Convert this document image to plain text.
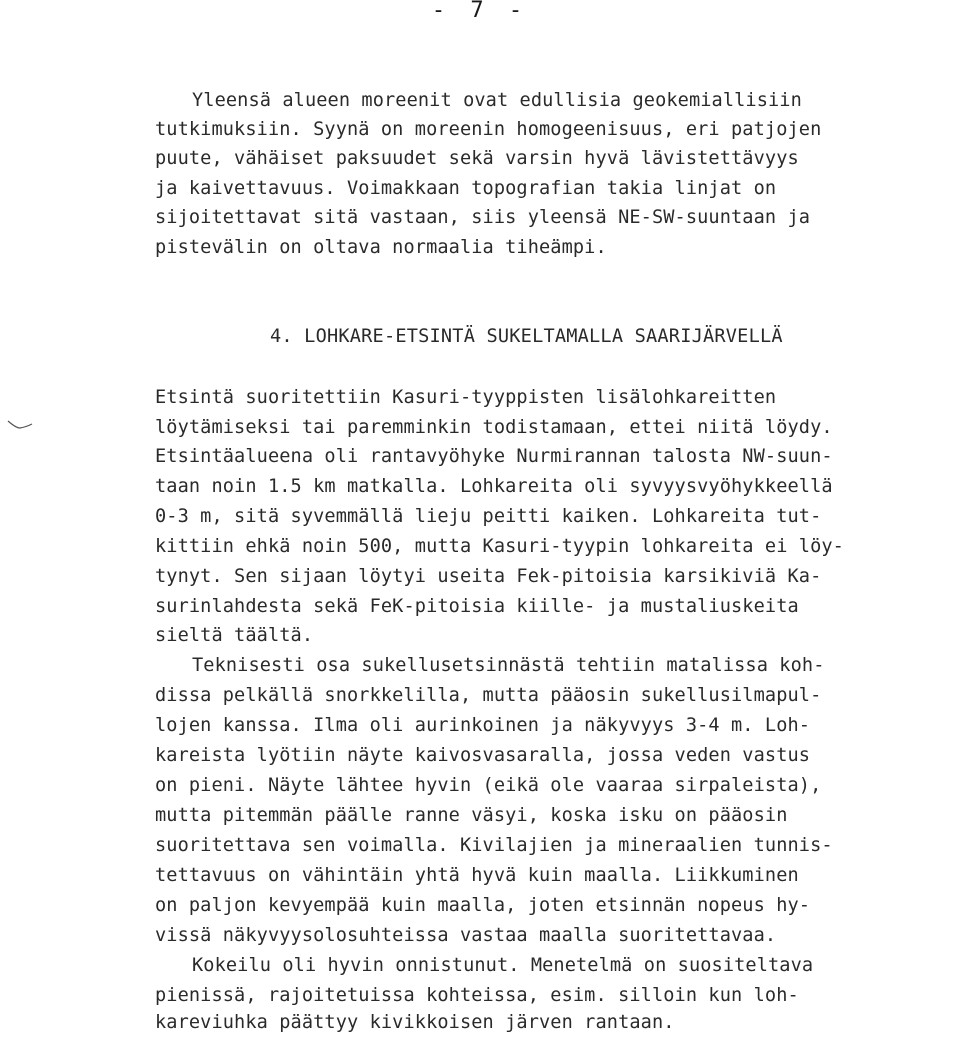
- 7 -
Yleensä alueen moreenit ovat edullisia geokemiallisiin
tutkimuksiin. Syynä on moreenin homogeenisuus, eri patjojen
puute, vähäiset paksuudet sekä varsin hyvä lävistettävyys
ja kaivettavuus. Voimakkaan topografian takia linjat on
sijoitettavat sitä vastaan, siis yleensä NE-SW-suuntaan ja
pistevälin on oltava normaalia tiheämpi.
4. LOHKARE-ETSINTÄ SUKELTAMALLA SAARIJÄRVELLÄ
Etsintä suoritettiin Kasuri-tyyppisten lisälohkareitten
löytämiseksi tai paremminkin todistamaan, ettei niitä löydy.
Etsintäalueena oli rantavyöhyke Nurmirannan talosta NW-suun-
taan noin 1.5 km matkalla. Lohkareita oli syvyysvyöhykkeellä
0-3 m, sitä syvemmällä lieju peitti kaiken. Lohkareita tut-
kittiin ehkä noin 500, mutta Kasuri-tyypin lohkareita ei löy-
tynyt. Sen sijaan löytyi useita Fek-pitoisia karsikiviä Ka-
surinlahdesta sekä FeK-pitoisia kiille- ja mustaliuskeita
sieltä täältä.
Teknisesti osa sukellusetsinnästä tehtiin matalissa koh-
dissa pelkällä snorkkelilla, mutta pääosin sukellusilmapul-
lojen kanssa. Ilma oli aurinkoinen ja näkyvyys 3-4 m. Loh-
kareista lyötiin näyte kaivosvasaralla, jossa veden vastus
on pieni. Näyte lähtee hyvin (eikä ole vaaraa sirpaleista),
mutta pitemmän päälle ranne väsyi, koska isku on pääosin
suoritettava sen voimalla. Kivilajien ja mineraalien tunnis-
tettavuus on vähintäin yhtä hyvä kuin maalla. Liikkuminen
on paljon kevyempää kuin maalla, joten etsinnän nopeus hy-
vissä näkyvyysolosuhteissa vastaa maalla suoritettavaa.
Kokeilu oli hyvin onnistunut. Menetelmä on suositeltava
pienissä, rajoitetuissa kohteissa, esim. silloin kun loh-
kareviuhka päättyy kivikkoisen järven rantaan.
